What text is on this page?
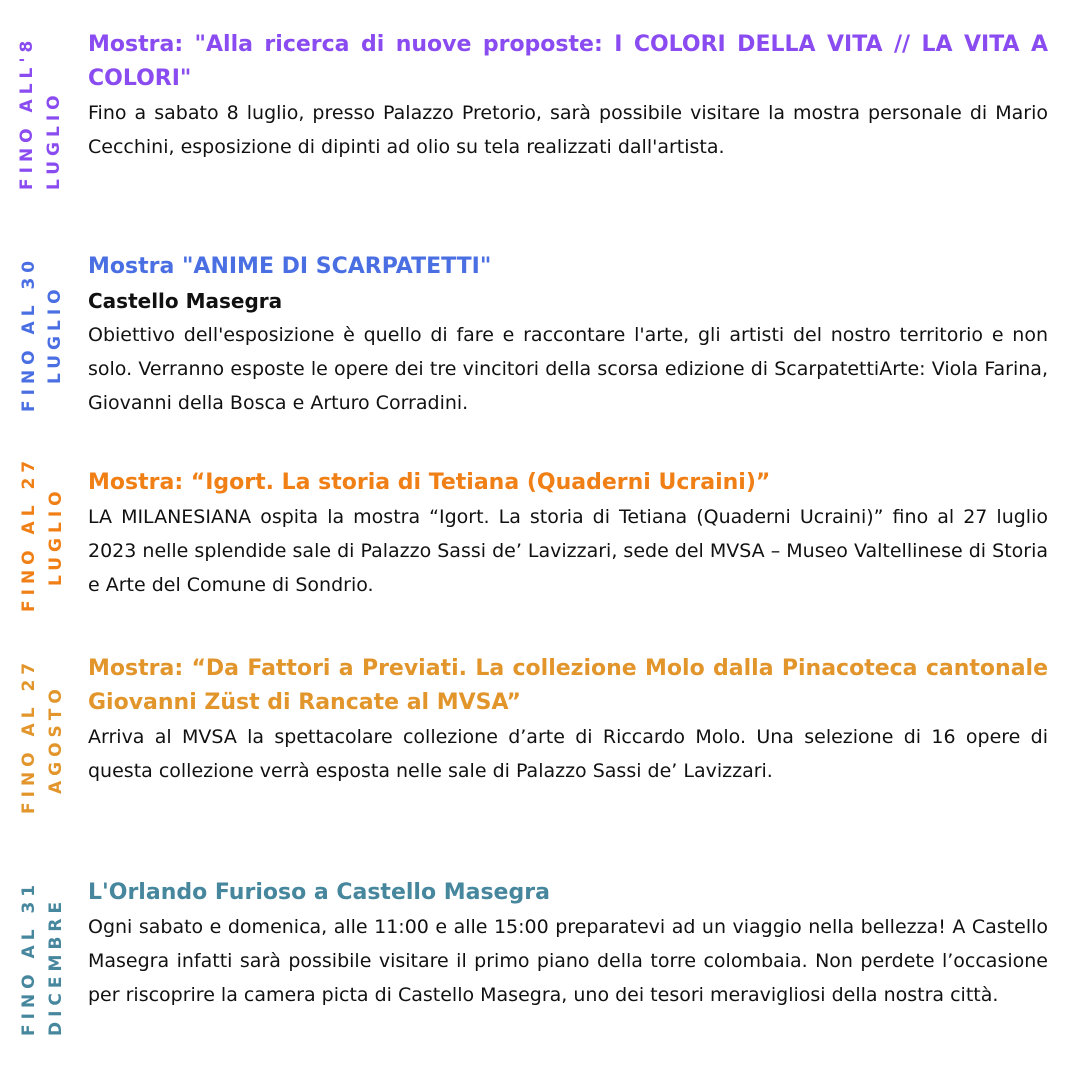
FINO ALL'8 LUGLIO

Mostra: "Alla ricerca di nuove proposte: I COLORI DELLA VITA // LA VITA A COLORI"

Fino a sabato 8 luglio, presso Palazzo Pretorio, sarà possibile visitare la mostra personale di Mario Cecchini, esposizione di dipinti ad olio su tela realizzati dall'artista.

FINO AL 30 LUGLIO

Mostra "ANIME DI SCARPATETTI"

Castello Masegra

Obiettivo dell'esposizione è quello di fare e raccontare l'arte, gli artisti del nostro territorio e non solo. Verranno esposte le opere dei tre vincitori della scorsa edizione di ScarpatettiArte: Viola Farina, Giovanni della Bosca e Arturo Corradini.

FINO AL 27 LUGLIO

Mostra: “Igort. La storia di Tetiana (Quaderni Ucraini)”

LA MILANESIANA ospita la mostra “Igort. La storia di Tetiana (Quaderni Ucraini)” fino al 27 luglio 2023 nelle splendide sale di Palazzo Sassi de’ Lavizzari, sede del MVSA – Museo Valtellinese di Storia e Arte del Comune di Sondrio.

FINO AL 27 AGOSTO

Mostra: “Da Fattori a Previati. La collezione Molo dalla Pinacoteca cantonale Giovanni Züst di Rancate al MVSA”

Arriva al MVSA la spettacolare collezione d’arte di Riccardo Molo. Una selezione di 16 opere di questa collezione verrà esposta nelle sale di Palazzo Sassi de’ Lavizzari.

FINO AL 31 DICEMBRE

L'Orlando Furioso a Castello Masegra

Ogni sabato e domenica, alle 11:00 e alle 15:00 preparatevi ad un viaggio nella bellezza! A Castello Masegra infatti sarà possibile visitare il primo piano della torre colombaia. Non perdete l’occasione per riscoprire la camera picta di Castello Masegra, uno dei tesori meravigliosi della nostra città.
